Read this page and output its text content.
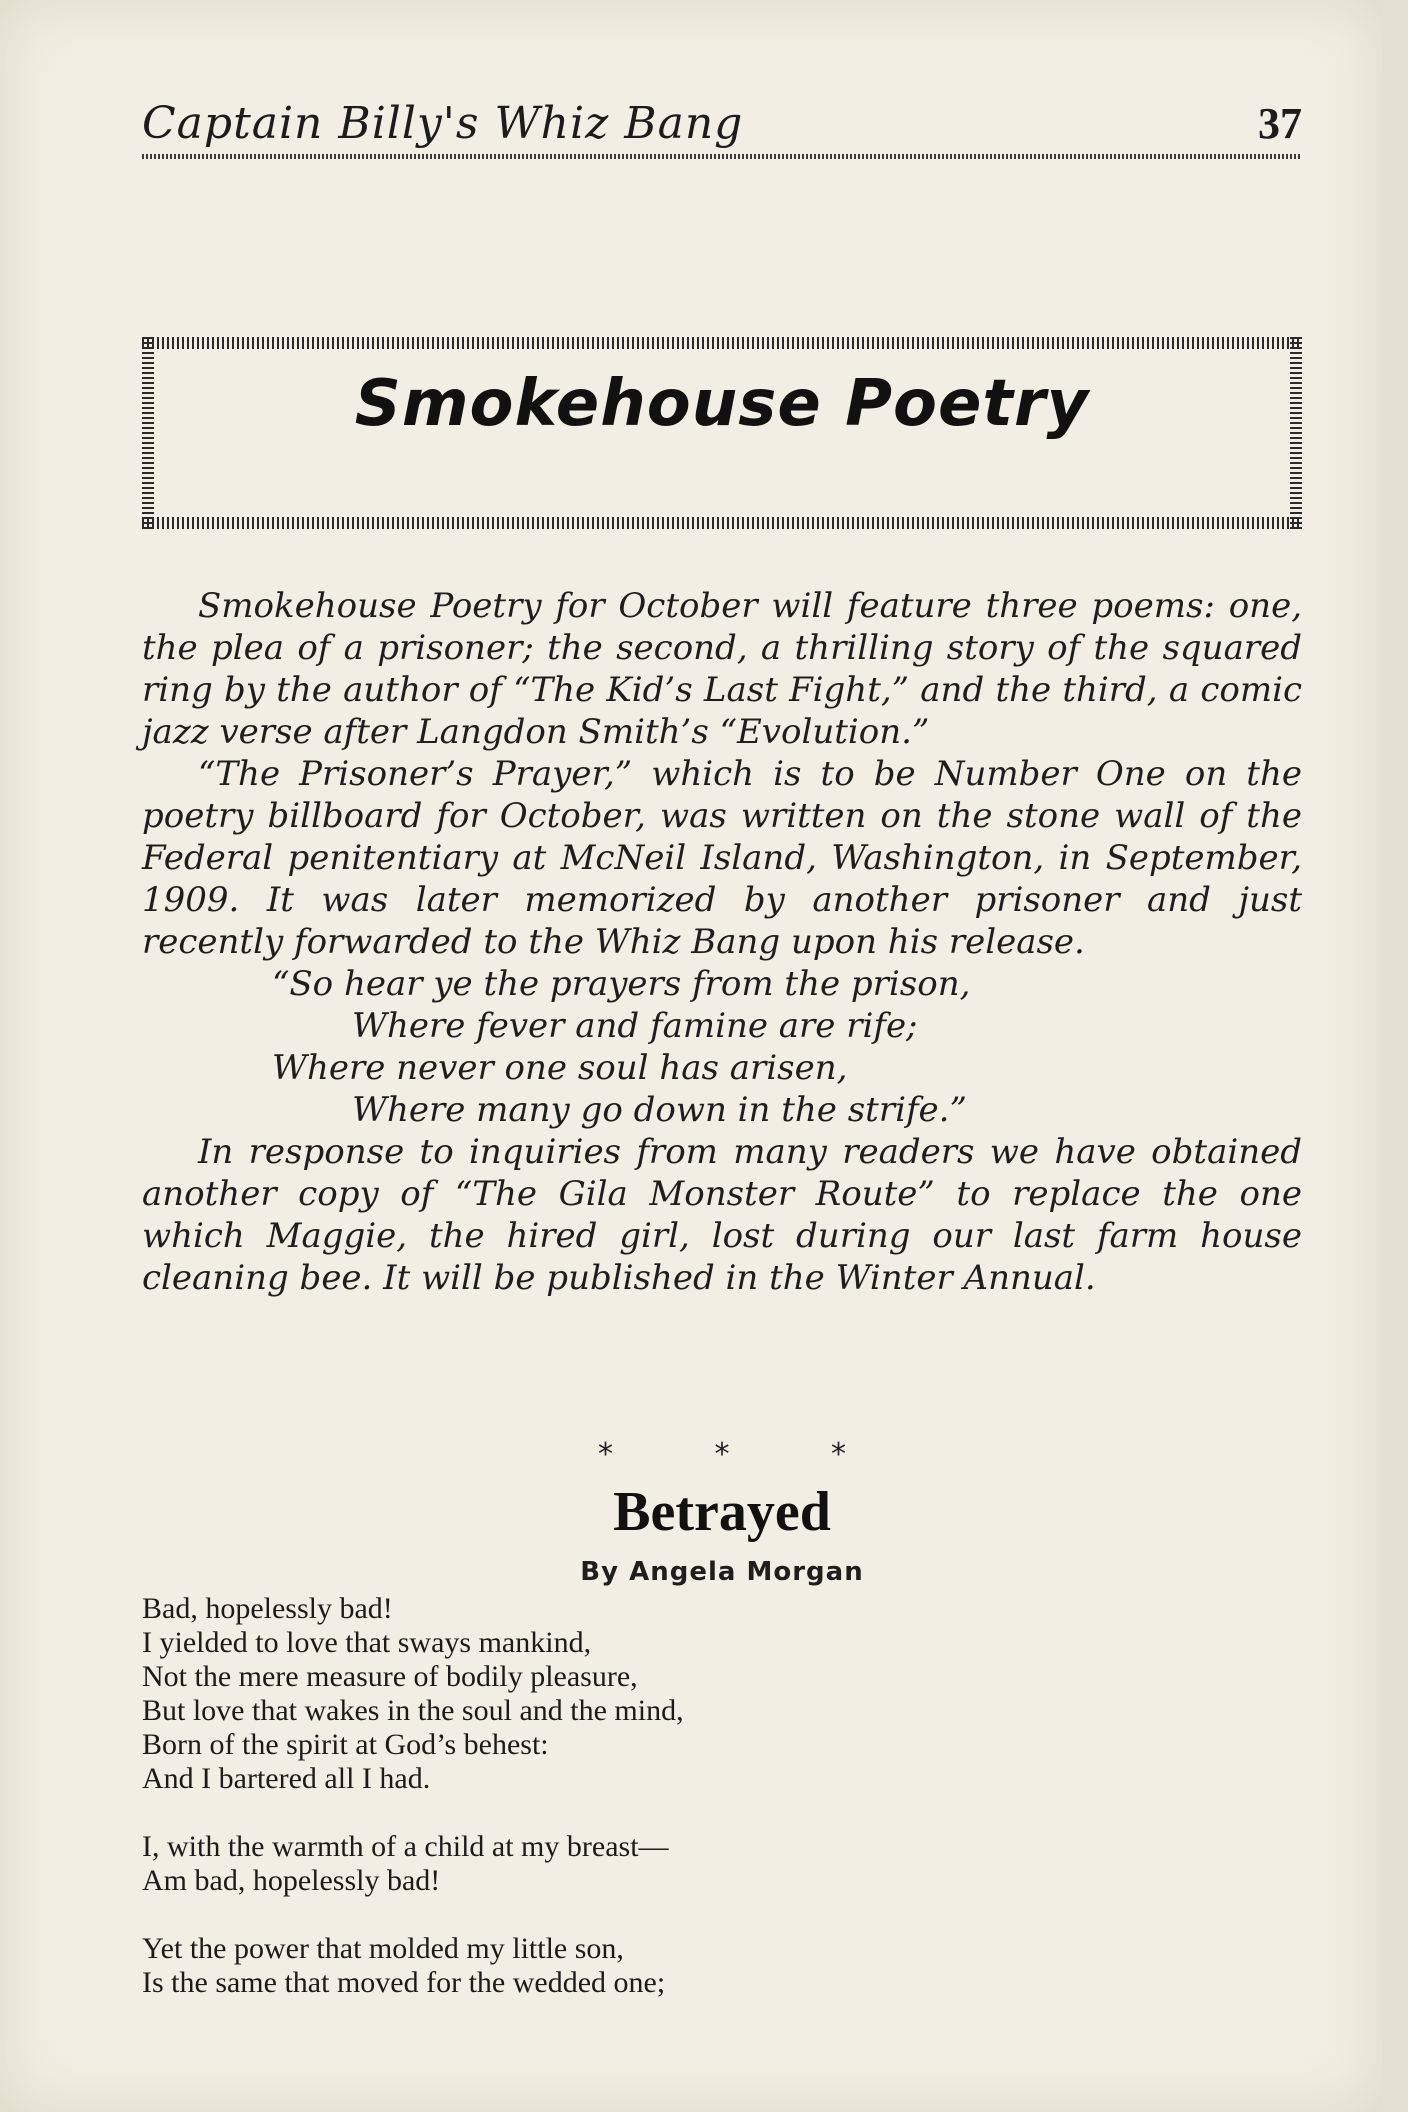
Captain Billy's Whiz Bang	37
Smokehouse Poetry

Smokehouse Poetry for October will feature three poems: one, the plea of a prisoner; the second, a thrilling story of the squared ring by the author of “The Kid’s Last Fight,” and the third, a comic jazz verse after Langdon Smith’s “Evolution.”

“The Prisoner’s Prayer,” which is to be Number One on the poetry billboard for October, was written on the stone wall of the Federal penitentiary at McNeil Island, Washington, in September, 1909. It was later memorized by another prisoner and just recently forwarded to the Whiz Bang upon his release.

“So hear ye the prayers from the prison,
Where fever and famine are rife;
Where never one soul has arisen,
Where many go down in the strife.”

In response to inquiries from many readers we have obtained another copy of “The Gila Monster Route” to replace the one which Maggie, the hired girl, lost during our last farm house cleaning bee. It will be published in the Winter Annual.

* * *
Betrayed
By Angela Morgan
Bad, hopelessly bad!
I yielded to love that sways mankind,
Not the mere measure of bodily pleasure,
But love that wakes in the soul and the mind,
Born of the spirit at God’s behest:
And I bartered all I had.
I, with the warmth of a child at my breast—
Am bad, hopelessly bad!
Yet the power that molded my little son,
Is the same that moved for the wedded one;
